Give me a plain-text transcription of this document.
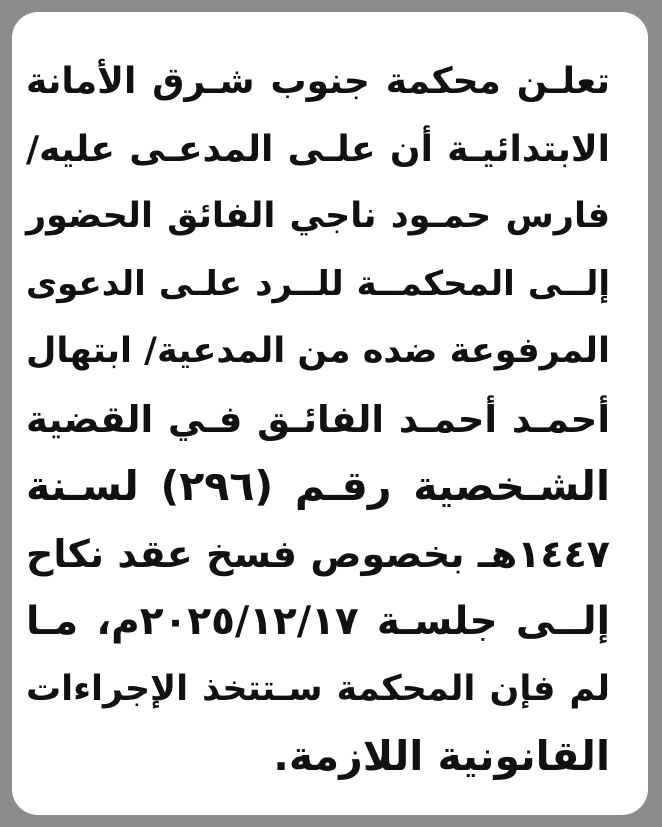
تعلـن محكمة جنوب شـرق الأمانة
الابتدائيـة أن علـى المدعـى عليه/
فارس حمـود ناجي الفائق الحضور
إلــى المحكمــة للــرد علـى الدعوى
المرفوعة ضده من المدعية/ ابتهال
أحمـد أحمـد الفائـق فـي القضية
الشـخصية رقـم (٢٩٦) لسـنة
١٤٤٧هـ بخصوص فسخ عقد نكاح
إلــى جلسـة ٢٠٢٥/١٢/١٧م، مـا
لم فإن المحكمة سـتتخذ الإجراءات
القانونية اللازمة.
